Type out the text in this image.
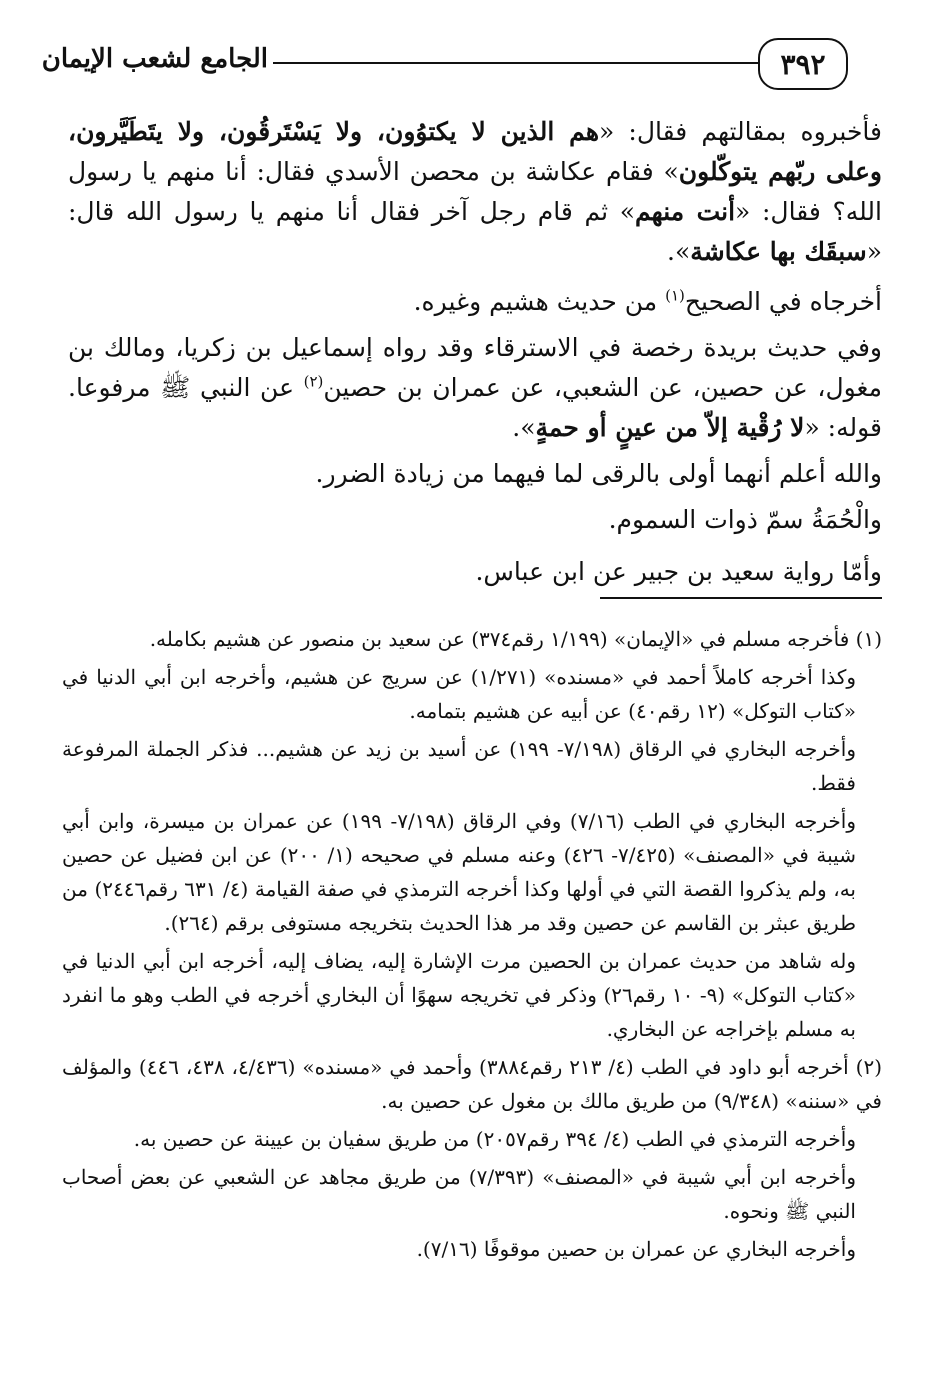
٣٩٢
الجامع لشعب الإيمان

فأخبروه بمقالتهم فقال: «هم الذين لا يكتوُون، ولا يَسْتَرقُون، ولا يتَطَيَّرون، وعلى ربّهم يتوكّلون» فقام عكاشة بن محصن الأسدي فقال: أنا منهم يا رسول الله؟ فقال: «أنت منهم» ثم قام رجل آخر فقال أنا منهم يا رسول الله قال: «سبقَك بها عكاشة».

أخرجاه في الصحيح$^{(١)}$ من حديث هشيم وغيره.

وفي حديث بريدة رخصة في الاسترقاء وقد رواه إسماعيل بن زكريا، ومالك بن مغول، عن حصين، عن الشعبي، عن عمران بن حصين$^{(٢)}$ عن النبي ﷺ مرفوعا. قوله: «لا رُقْية إلاّ من عينٍ أو حمةٍ».

والله أعلم أنهما أولى بالرقى لما فيهما من زيادة الضرر.

والْحُمَةُ سمّ ذوات السموم.

وأمّا رواية سعيد بن جبير عن ابن عباس.

(١) فأخرجه مسلم في «الإيمان» (١/١٩٩ رقم٣٧٤) عن سعيد بن منصور عن هشيم بكامله.

وكذا أخرجه كاملاً أحمد في «مسنده» (١/٢٧١) عن سريج عن هشيم، وأخرجه ابن أبي الدنيا في «كتاب التوكل» (١٢ رقم٤٠) عن أبيه عن هشيم بتمامه.

وأخرجه البخاري في الرقاق (٧/١٩٨- ١٩٩) عن أسيد بن زيد عن هشيم... فذكر الجملة المرفوعة فقط.

وأخرجه البخاري في الطب (٧/١٦) وفي الرقاق (٧/١٩٨- ١٩٩) عن عمران بن ميسرة، وابن أبي شيبة في «المصنف» (٧/٤٢٥- ٤٢٦) وعنه مسلم في صحيحه (١/ ٢٠٠) عن ابن فضيل عن حصين به، ولم يذكروا القصة التي في أولها وكذا أخرجه الترمذي في صفة القيامة (٤/ ٦٣١ رقم٢٤٤٦) من طريق عبثر بن القاسم عن حصين وقد مر هذا الحديث بتخريجه مستوفى برقم (٢٦٤).

وله شاهد من حديث عمران بن الحصين مرت الإشارة إليه، يضاف إليه، أخرجه ابن أبي الدنيا في «كتاب التوكل» (٩- ١٠ رقم٢٦) وذكر في تخريجه سهوًا أن البخاري أخرجه في الطب وهو ما انفرد به مسلم بإخراجه عن البخاري.

(٢) أخرجه أبو داود في الطب (٤/ ٢١٣ رقم٣٨٨٤) وأحمد في «مسنده» (٤/٤٣٦، ٤٣٨، ٤٤٦) والمؤلف في «سننه» (٩/٣٤٨) من طريق مالك بن مغول عن حصين به.

وأخرجه الترمذي في الطب (٤/ ٣٩٤ رقم٢٠٥٧) من طريق سفيان بن عيينة عن حصين به.

وأخرجه ابن أبي شيبة في «المصنف» (٧/٣٩٣) من طريق مجاهد عن الشعبي عن بعض أصحاب النبي ﷺ ونحوه.

وأخرجه البخاري عن عمران بن حصين موقوفًا (٧/١٦).
